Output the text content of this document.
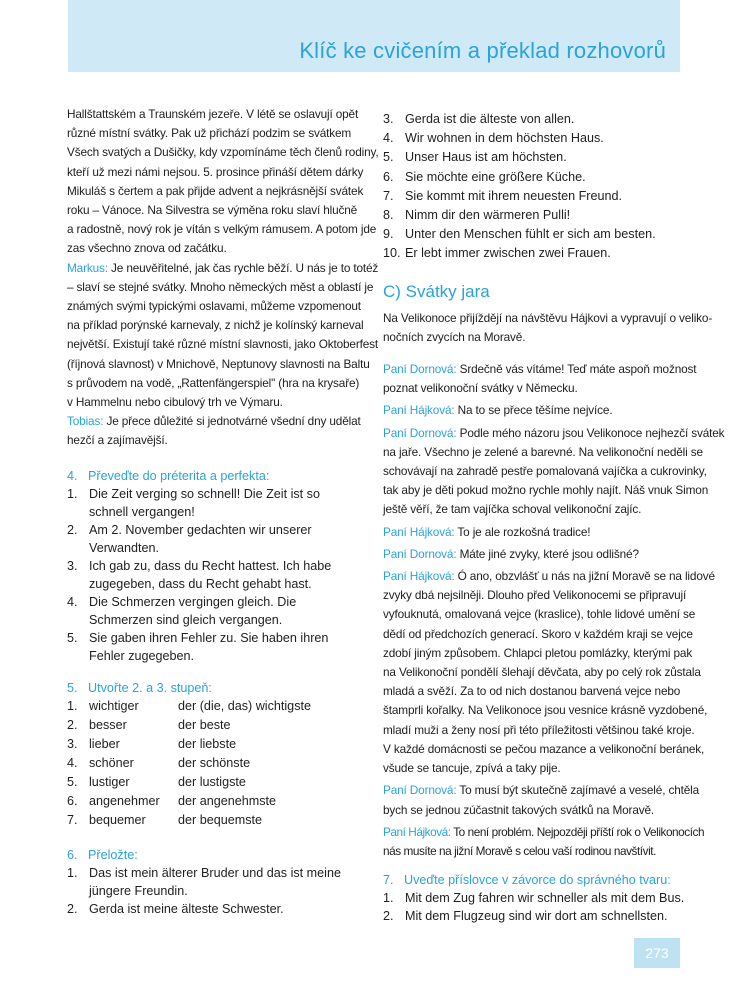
Klíč ke cvičením a překlad rozhovorů
Hallštattském a Traunském jezeře. V létě se oslavují opět
různé místní svátky. Pak už přichází podzim se svátkem
Všech svatých a Dušičky, kdy vzpomínáme těch členů rodiny,
kteří už mezi námi nejsou. 5. prosince přináší dětem dárky
Mikuláš s čertem a pak přijde advent a nejkrásnější svátek
roku – Vánoce. Na Silvestra se výměna roku slaví hlučně
a radostně, nový rok je vítán s velkým rámusem. A potom jde
zas všechno znova od začátku.
Markus: Je neuvěřitelné, jak čas rychle běží. U nás je to totéž
– slaví se stejné svátky. Mnoho německých měst a oblastí je
známých svými typickými oslavami, můžeme vzpomenout
na příklad porýnské karnevaly, z nichž je kolínský karneval
největší. Existují také různé místní slavnosti, jako Oktoberfest
(říjnová slavnost) v Mnichově, Neptunovy slavnosti na Baltu
s průvodem na vodě, „Rattenfängerspiel" (hra na krysaře)
v Hammelnu nebo cibulový trh ve Výmaru.
Tobias: Je přece důležité si jednotvárné všední dny udělat
hezčí a zajímavější.

4.   Převeďte do préterita a perfekta:

1. Die Zeit verging so schnell! Die Zeit ist so
schnell vergangen!
2. Am 2. November gedachten wir unserer
Verwandten.
3. Ich gab zu, dass du Recht hattest. Ich habe
zugegeben, dass du Recht gehabt hast.
4. Die Schmerzen vergingen gleich. Die
Schmerzen sind gleich vergangen.
5. Sie gaben ihren Fehler zu. Sie haben ihren
Fehler zugegeben.

5.   Utvořte 2. a 3. stupeň:

1. wichtiger	der (die, das) wichtigste
2. besser	der beste
3. lieber	der liebste
4. schöner	der schönste
5. lustiger	der lustigste
6. angenehmer der angenehmste
7. bequemer	der bequemste

6.   Přeložte:

1. Das ist mein älterer Bruder und das ist meine
jüngere Freundin.
2. Gerda ist meine älteste Schwester.
3. Gerda ist die älteste von allen.
4. Wir wohnen in dem höchsten Haus.
5. Unser Haus ist am höchsten.
6. Sie möchte eine größere Küche.
7. Sie kommt mit ihrem neuesten Freund.
8. Nimm dir den wärmeren Pulli!
9. Unter den Menschen fühlt er sich am besten.
10. Er lebt immer zwischen zwei Frauen.

C) Svátky jara

Na Velikonoce přijíždějí na návštěvu Hájkovi a vypravují o veliko-
nočních zvycích na Moravě.
Paní Dornová: Srdečně vás vítáme! Teď máte aspoň možnost
poznat velikonoční svátky v Německu.
Paní Hájková: Na to se přece těšíme nejvíce.
Paní Dornová: Podle mého názoru jsou Velikonoce nejhezčí svátek
na jaře. Všechno je zelené a barevné. Na velikonoční neděli se
schovávají na zahradě pestře pomalovaná vajíčka a cukrovinky,
tak aby je děti pokud možno rychle mohly najít. Náš vnuk Simon
ještě věří, že tam vajíčka schoval velikonoční zajíc.
Paní Hájková: To je ale rozkošná tradice!
Paní Dornová: Máte jiné zvyky, které jsou odlišné?
Paní Hájková: Ó ano, obzvlášť u nás na jižní Moravě se na lidové
zvyky dbá nejsilněji. Dlouho před Velikonocemi se připravují
vyfouknutá, omalovaná vejce (kraslice), tohle lidové umění se
dědí od předchozích generací. Skoro v každém kraji se vejce
zdobí jiným způsobem. Chlapci pletou pomlázky, kterými pak
na Velikonoční pondělí šlehají děvčata, aby po celý rok zůstala
mladá a svěží. Za to od nich dostanou barvená vejce nebo
štamprli kořalky. Na Velikonoce jsou vesnice krásně vyzdobené,
mladí muži a ženy nosí při této příležitosti většinou také kroje.
V každé domácnosti se pečou mazance a velikonoční beránek,
všude se tancuje, zpívá a taky pije.
Paní Dornová: To musí být skutečně zajímavé a veselé, chtěla
bych se jednou zúčastnit takových svátků na Moravě.
Paní Hájková: To není problém. Nejpozději příští rok o Velikonocích
nás musíte na jižní Moravě s celou vaší rodinou navštívit.

7.   Uveďte příslovce v závorce do správného tvaru:

1. Mit dem Zug fahren wir schneller als mit dem Bus.
2. Mit dem Flugzeug sind wir dort am schnellsten.
273
